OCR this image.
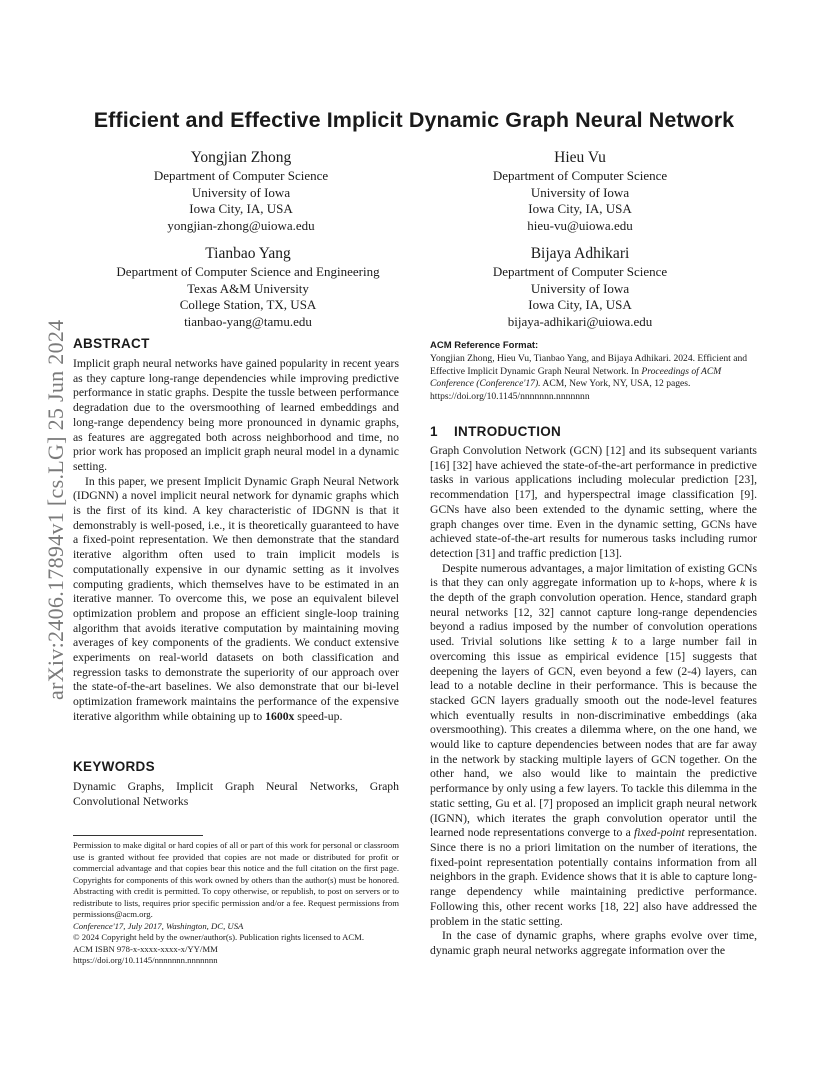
arXiv:2406.17894v1 [cs.LG] 25 Jun 2024
Efficient and Effective Implicit Dynamic Graph Neural Network
Yongjian Zhong
Department of Computer Science
University of Iowa
Iowa City, IA, USA
yongjian-zhong@uiowa.edu
Hieu Vu
Department of Computer Science
University of Iowa
Iowa City, IA, USA
hieu-vu@uiowa.edu
Tianbao Yang
Department of Computer Science and Engineering
Texas A&M University
College Station, TX, USA
tianbao-yang@tamu.edu
Bijaya Adhikari
Department of Computer Science
University of Iowa
Iowa City, IA, USA
bijaya-adhikari@uiowa.edu
ABSTRACT

Implicit graph neural networks have gained popularity in recent years as they capture long-range dependencies while improving predictive performance in static graphs. Despite the tussle between performance degradation due to the oversmoothing of learned embeddings and long-range dependency being more pronounced in dynamic graphs, as features are aggregated both across neighborhood and time, no prior work has proposed an implicit graph neural model in a dynamic setting.

In this paper, we present Implicit Dynamic Graph Neural Network (IDGNN) a novel implicit neural network for dynamic graphs which is the first of its kind. A key characteristic of IDGNN is that it demonstrably is well-posed, i.e., it is theoretically guaranteed to have a fixed-point representation. We then demonstrate that the standard iterative algorithm often used to train implicit models is computationally expensive in our dynamic setting as it involves computing gradients, which themselves have to be estimated in an iterative manner. To overcome this, we pose an equivalent bilevel optimization problem and propose an efficient single-loop training algorithm that avoids iterative computation by maintaining moving averages of key components of the gradients. We conduct extensive experiments on real-world datasets on both classification and regression tasks to demonstrate the superiority of our approach over the state-of-the-art baselines. We also demonstrate that our bi-level optimization framework maintains the performance of the expensive iterative algorithm while obtaining up to 1600x speed-up.

KEYWORDS

Dynamic Graphs, Implicit Graph Neural Networks, Graph Convolutional Networks

Permission to make digital or hard copies of all or part of this work for personal or classroom use is granted without fee provided that copies are not made or distributed for profit or commercial advantage and that copies bear this notice and the full citation on the first page. Copyrights for components of this work owned by others than the author(s) must be honored. Abstracting with credit is permitted. To copy otherwise, or republish, to post on servers or to redistribute to lists, requires prior specific permission and/or a fee. Request permissions from permissions@acm.org.
Conference'17, July 2017, Washington, DC, USA
© 2024 Copyright held by the owner/author(s). Publication rights licensed to ACM.
ACM ISBN 978-x-xxxx-xxxx-x/YY/MM
https://doi.org/10.1145/nnnnnnn.nnnnnnn

ACM Reference Format:

Yongjian Zhong, Hieu Vu, Tianbao Yang, and Bijaya Adhikari. 2024. Efficient and Effective Implicit Dynamic Graph Neural Network. In Proceedings of ACM Conference (Conference'17). ACM, New York, NY, USA, 12 pages. https://doi.org/10.1145/nnnnnnn.nnnnnnn

1 INTRODUCTION

Graph Convolution Network (GCN) [12] and its subsequent variants [16] [32] have achieved the state-of-the-art performance in predictive tasks in various applications including molecular prediction [23], recommendation [17], and hyperspectral image classification [9]. GCNs have also been extended to the dynamic setting, where the graph changes over time. Even in the dynamic setting, GCNs have achieved state-of-the-art results for numerous tasks including rumor detection [31] and traffic prediction [13].

Despite numerous advantages, a major limitation of existing GCNs is that they can only aggregate information up to k-hops, where k is the depth of the graph convolution operation. Hence, standard graph neural networks [12, 32] cannot capture long-range dependencies beyond a radius imposed by the number of convolution operations used. Trivial solutions like setting k to a large number fail in overcoming this issue as empirical evidence [15] suggests that deepening the layers of GCN, even beyond a few (2-4) layers, can lead to a notable decline in their performance. This is because the stacked GCN layers gradually smooth out the node-level features which eventually results in non-discriminative embeddings (aka oversmoothing). This creates a dilemma where, on the one hand, we would like to capture dependencies between nodes that are far away in the network by stacking multiple layers of GCN together. On the other hand, we also would like to maintain the predictive performance by only using a few layers. To tackle this dilemma in the static setting, Gu et al. [7] proposed an implicit graph neural network (IGNN), which iterates the graph convolution operator until the learned node representations converge to a fixed-point representation. Since there is no a priori limitation on the number of iterations, the fixed-point representation potentially contains information from all neighbors in the graph. Evidence shows that it is able to capture long-range dependency while maintaining predictive performance. Following this, other recent works [18, 22] also have addressed the problem in the static setting.

In the case of dynamic graphs, where graphs evolve over time, dynamic graph neural networks aggregate information over the
